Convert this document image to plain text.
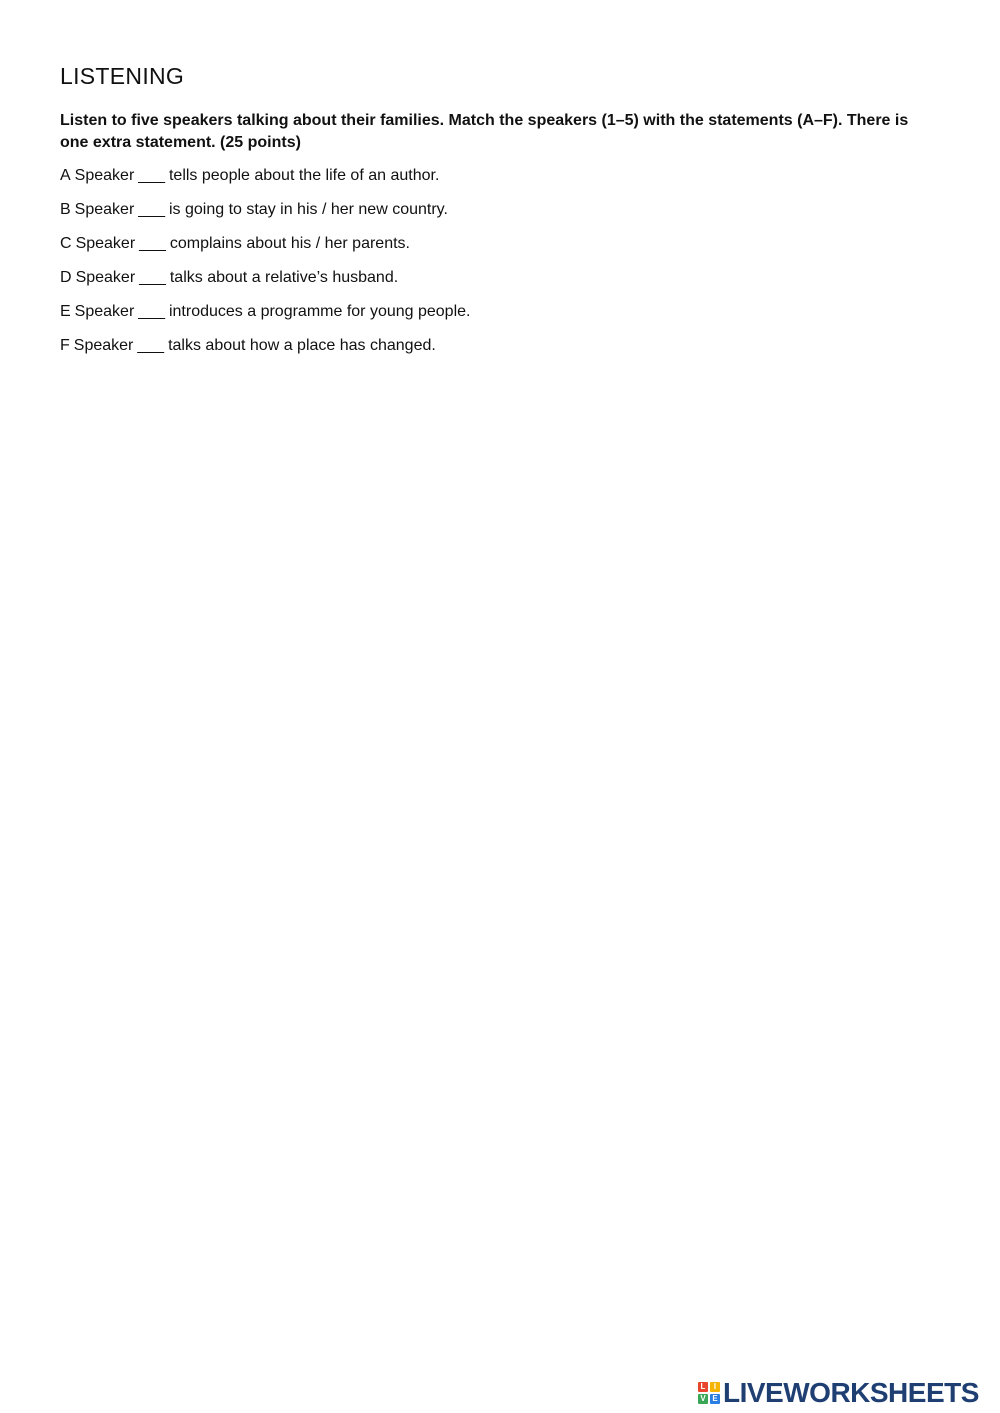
LISTENING

Listen to five speakers talking about their families. Match the speakers (1–5) with the statements (A–F). There is one extra statement. (25 points)

A Speaker ___ tells people about the life of an author.
B Speaker ___ is going to stay in his / her new country.
C Speaker ___ complains about his / her parents.
D Speaker ___ talks about a relative’s husband.
E Speaker ___ introduces a programme for young people.
F Speaker ___ talks about how a place has changed.
L	I
V E LIVEWORKSHEETS
